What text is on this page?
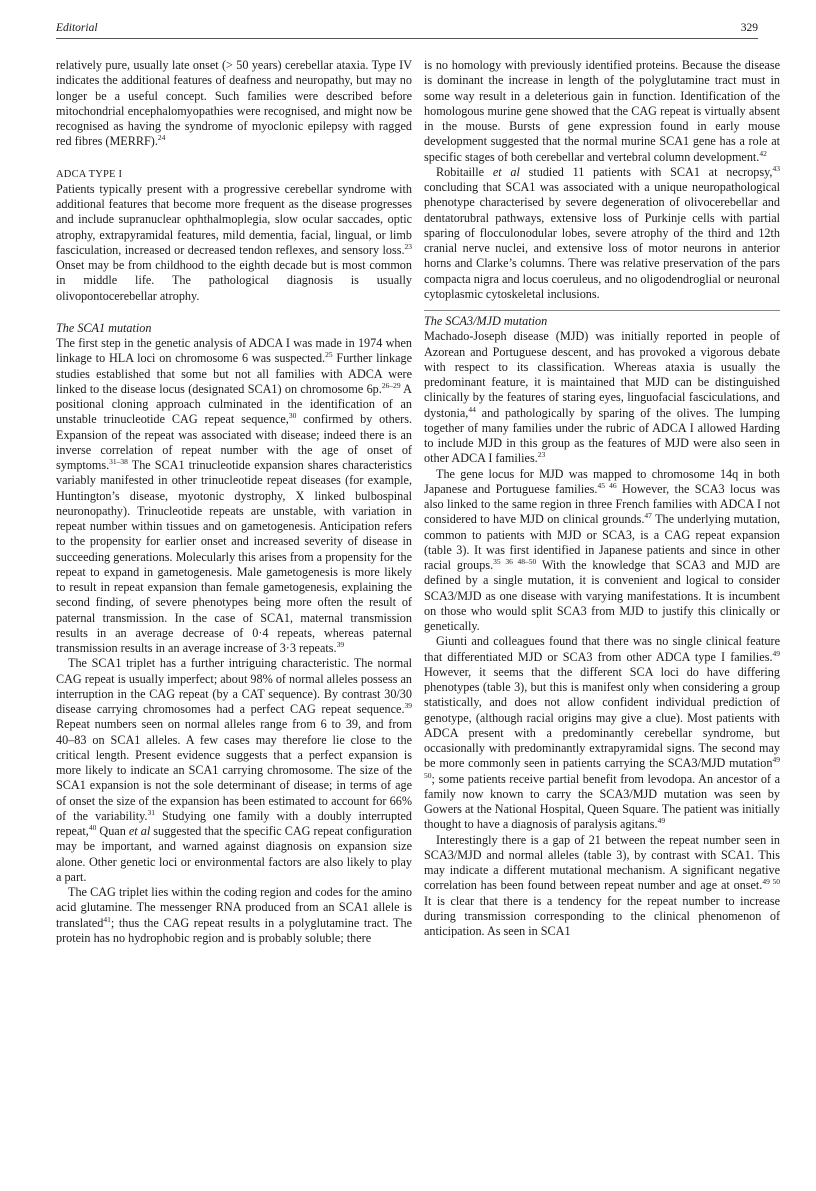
Editorial	329

relatively pure, usually late onset (> 50 years) cerebellar ataxia. Type IV indicates the additional features of deafness and neuropathy, but may no longer be a useful concept. Such families were described before mitochondrial encephalomyopathies were recognised, and might now be recognised as having the syndrome of myoclonic epilepsy with ragged red fibres (MERRF).$^{24}$

ADCA TYPE I

Patients typically present with a progressive cerebellar syndrome with additional features that become more frequent as the disease progresses and include supranuclear ophthalmoplegia, slow ocular saccades, optic atrophy, extrapyramidal features, mild dementia, facial, lingual, or limb fasciculation, increased or decreased tendon reflexes, and sensory loss.$^{23}$ Onset may be from childhood to the eighth decade but is most common in middle life. The pathological diagnosis is usually olivopontocerebellar atrophy.

The SCA1 mutation

The first step in the genetic analysis of ADCA I was made in 1974 when linkage to HLA loci on chromosome 6 was suspected.$^{25}$ Further linkage studies established that some but not all families with ADCA were linked to the disease locus (designated SCA1) on chromosome 6p.$^{26-29}$ A positional cloning approach culminated in the identification of an unstable trinucleotide CAG repeat sequence,$^{30}$ confirmed by others. Expansion of the repeat was associated with disease; indeed there is an inverse correlation of repeat number with the age of onset of symptoms.$^{31-38}$ The SCA1 trinucleotide expansion shares characteristics variably manifested in other trinucleotide repeat diseases (for example, Huntington’s disease, myotonic dystrophy, X linked bulbospinal neuronopathy). Trinucleotide repeats are unstable, with variation in repeat number within tissues and on gametogenesis. Anticipation refers to the propensity for earlier onset and increased severity of disease in succeeding generations. Molecularly this arises from a propensity for the repeat to expand in gametogenesis. Male gametogenesis is more likely to result in repeat expansion than female gametogenesis, explaining the second finding, of severe phenotypes being more often the result of paternal transmission. In the case of SCA1, maternal transmission results in an average decrease of 0·4 repeats, whereas paternal transmission results in an average increase of 3·3 repeats.$^{39}$

The SCA1 triplet has a further intriguing characteristic. The normal CAG repeat is usually imperfect; about 98% of normal alleles possess an interruption in the CAG repeat (by a CAT sequence). By contrast 30/30 disease carrying chromosomes had a perfect CAG repeat sequence.$^{39}$ Repeat numbers seen on normal alleles range from 6 to 39, and from 40–83 on SCA1 alleles. A few cases may therefore lie close to the critical length. Present evidence suggests that a perfect expansion is more likely to indicate an SCA1 carrying chromosome. The size of the SCA1 expansion is not the sole determinant of disease; in terms of age of onset the size of the expansion has been estimated to account for 66% of the variability.$^{31}$ Studying one family with a doubly interrupted repeat,$^{40}$ Quan et al suggested that the specific CAG repeat configuration may be important, and warned against diagnosis on expansion size alone. Other genetic loci or environmental factors are also likely to play a part.

The CAG triplet lies within the coding region and codes for the amino acid glutamine. The messenger RNA produced from an SCA1 allele is translated$^{41}$; thus the CAG repeat results in a polyglutamine tract. The protein has no hydrophobic region and is probably soluble; there

is no homology with previously identified proteins. Because the disease is dominant the increase in length of the polyglutamine tract must in some way result in a deleterious gain in function. Identification of the homologous murine gene showed that the CAG repeat is virtually absent in the mouse. Bursts of gene expression found in early mouse development suggested that the normal murine SCA1 gene has a role at specific stages of both cerebellar and vertebral column development.$^{42}$

Robitaille et al studied 11 patients with SCA1 at necropsy,$^{43}$ concluding that SCA1 was associated with a unique neuropathological phenotype characterised by severe degeneration of olivocerebellar and dentatorubral pathways, extensive loss of Purkinje cells with partial sparing of flocculonodular lobes, severe atrophy of the third and 12th cranial nerve nuclei, and extensive loss of motor neurons in anterior horns and Clarke’s columns. There was relative preservation of the pars compacta nigra and locus coeruleus, and no oligodendroglial or neuronal cytoplasmic cytoskeletal inclusions.

The SCA3/MJD mutation

Machado-Joseph disease (MJD) was initially reported in people of Azorean and Portuguese descent, and has provoked a vigorous debate with respect to its classification. Whereas ataxia is usually the predominant feature, it is maintained that MJD can be distinguished clinically by the features of staring eyes, linguofacial fasciculations, and dystonia,$^{44}$ and pathologically by sparing of the olives. The lumping together of many families under the rubric of ADCA I allowed Harding to include MJD in this group as the features of MJD were also seen in other ADCA I families.$^{23}$

The gene locus for MJD was mapped to chromosome 14q in both Japanese and Portuguese families.$^{45 46}$ However, the SCA3 locus was also linked to the same region in three French families with ADCA I not considered to have MJD on clinical grounds.$^{47}$ The underlying mutation, common to patients with MJD or SCA3, is a CAG repeat expansion (table 3). It was first identified in Japanese patients and since in other racial groups.$^{35 36 48-50}$ With the knowledge that SCA3 and MJD are defined by a single mutation, it is convenient and logical to consider SCA3/MJD as one disease with varying manifestations. It is incumbent on those who would split SCA3 from MJD to justify this clinically or genetically.

Giunti and colleagues found that there was no single clinical feature that differentiated MJD or SCA3 from other ADCA type I families.$^{49}$ However, it seems that the different SCA loci do have differing phenotypes (table 3), but this is manifest only when considering a group statistically, and does not allow confident individual prediction of genotype, (although racial origins may give a clue). Most patients with ADCA present with a predominantly cerebellar syndrome, but occasionally with predominantly extrapyramidal signs. The second may be more commonly seen in patients carrying the SCA3/MJD mutation$^{49 50}$; some patients receive partial benefit from levodopa. An ancestor of a family now known to carry the SCA3/MJD mutation was seen by Gowers at the National Hospital, Queen Square. The patient was initially thought to have a diagnosis of paralysis agitans.$^{49}$

Interestingly there is a gap of 21 between the repeat number seen in SCA3/MJD and normal alleles (table 3), by contrast with SCA1. This may indicate a different mutational mechanism. A significant negative correlation has been found between repeat number and age at onset.$^{49 50}$ It is clear that there is a tendency for the repeat number to increase during transmission corresponding to the clinical phenomenon of anticipation. As seen in SCA1
